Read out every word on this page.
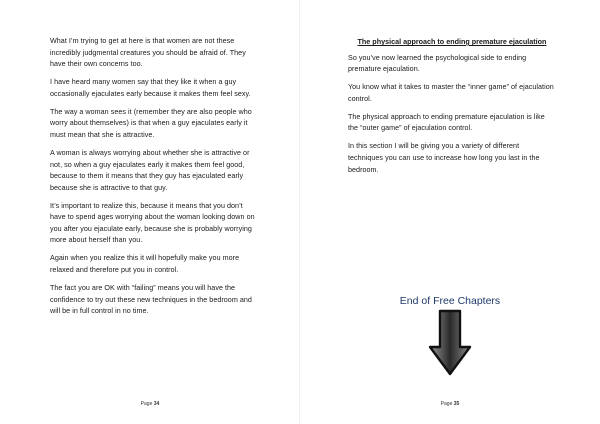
What I’m trying to get at here is that women are not these incredibly judgmental creatures you should be afraid of. They have their own concerns too.

I have heard many women say that they like it when a guy occasionally ejaculates early because it makes them feel sexy.

The way a woman sees it (remember they are also people who worry about themselves) is that when a guy ejaculates early it must mean that she is attractive.

A woman is always worrying about whether she is attractive or not, so when a guy ejaculates early it makes them feel good, because to them it means that they guy has ejaculated early because she is attractive to that guy.

It’s important to realize this, because it means that you don’t have to spend ages worrying about the woman looking down on you after you ejaculate early, because she is probably worrying more about herself than you.

Again when you realize this it will hopefully make you more relaxed and therefore put you in control.

The fact you are OK with “failing” means you will have the confidence to try out these new techniques in the bedroom and will be in full control in no time.

Page 34
The physical approach to ending premature ejaculation

So you’ve now learned the psychological side to ending premature ejaculation.

You know what it takes to master the “inner game” of ejaculation control.

The physical approach to ending premature ejaculation is like the “outer game” of ejaculation control.

In this section I will be giving you a variety of different techniques you can use to increase how long you last in the bedroom.

End of Free Chapters
Page 35
